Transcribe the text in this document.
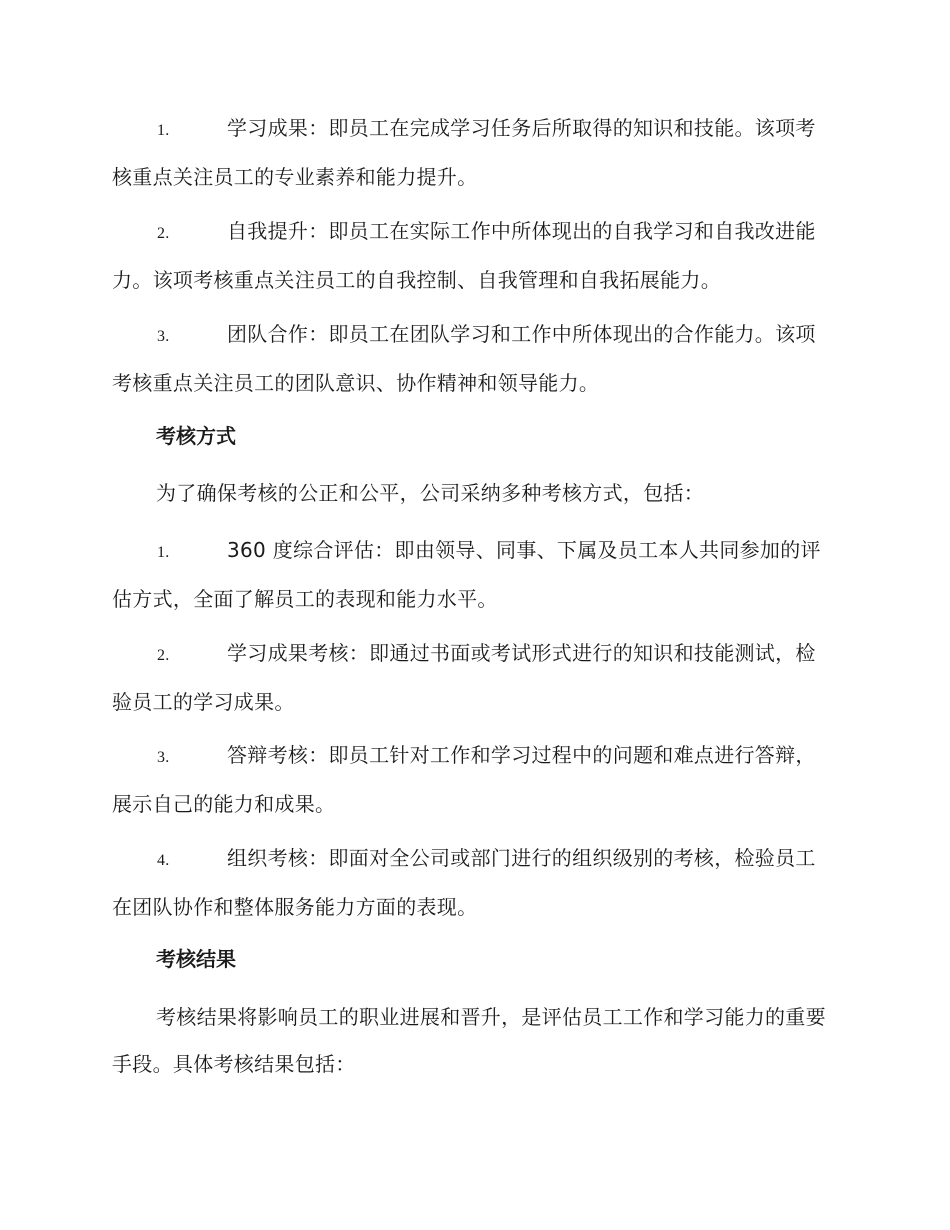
1.	学习成果：即员工在完成学习任务后所取得的知识和技能。该项考核重点关注员工的专业素养和能力提升。

2.	自我提升：即员工在实际工作中所体现出的自我学习和自我改进能力。该项考核重点关注员工的自我控制、自我管理和自我拓展能力。

3.	团队合作：即员工在团队学习和工作中所体现出的合作能力。该项考核重点关注员工的团队意识、协作精神和领导能力。

考核方式

为了确保考核的公正和公平，公司采纳多种考核方式，包括：

1.	360 度综合评估：即由领导、同事、下属及员工本人共同参加的评估方式，全面了解员工的表现和能力水平。

2.	学习成果考核：即通过书面或考试形式进行的知识和技能测试，检验员工的学习成果。

3.	答辩考核：即员工针对工作和学习过程中的问题和难点进行答辩，展示自己的能力和成果。

4.	组织考核：即面对全公司或部门进行的组织级别的考核，检验员工在团队协作和整体服务能力方面的表现。

考核结果

考核结果将影响员工的职业进展和晋升，是评估员工工作和学习能力的重要手段。具体考核结果包括：
